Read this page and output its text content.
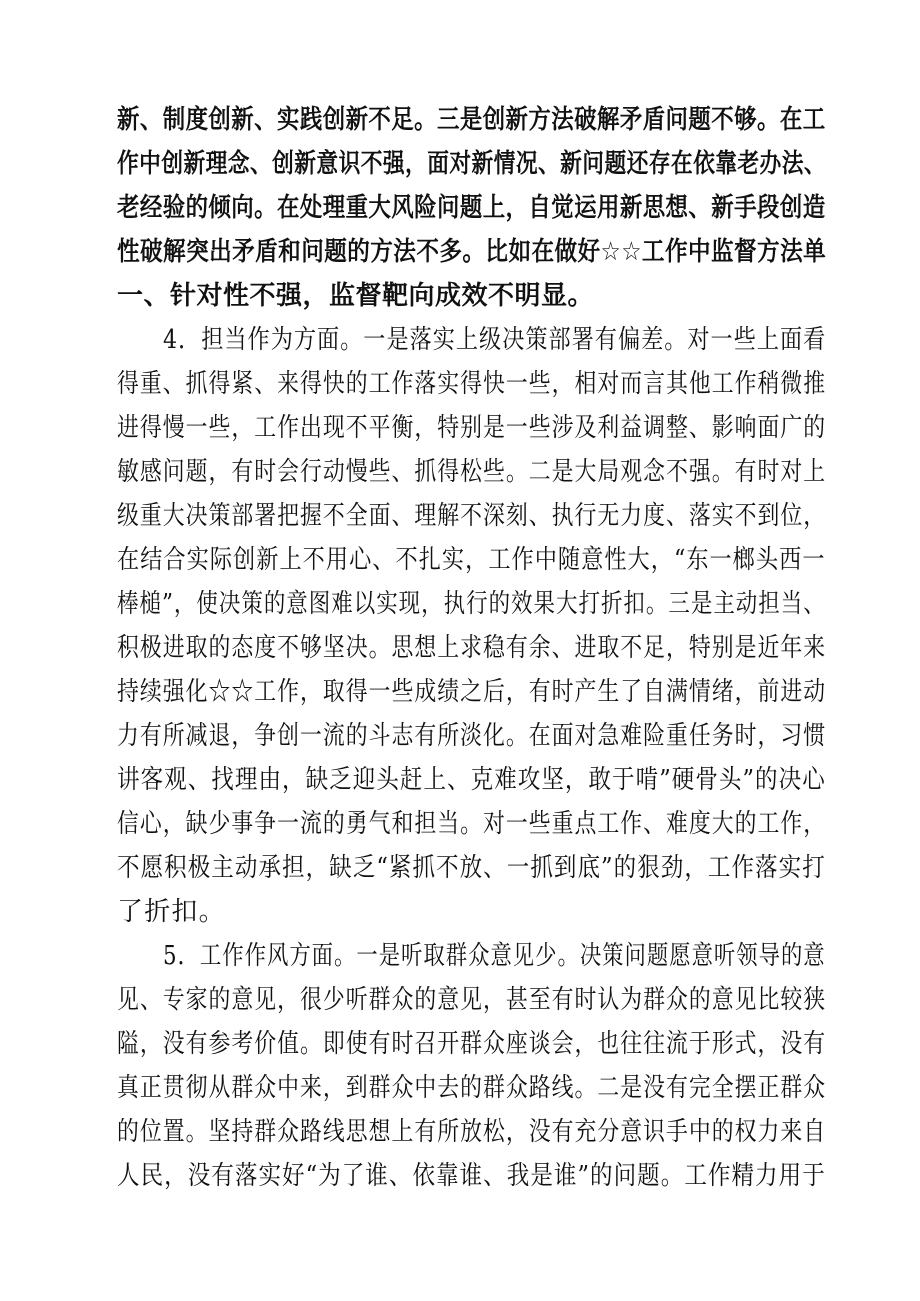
新、制度创新、实践创新不足。三是创新方法破解矛盾问题不够。在工
作中创新理念、创新意识不强，面对新情况、新问题还存在依靠老办法、
老经验的倾向。在处理重大风险问题上，自觉运用新思想、新手段创造
性破解突出矛盾和问题的方法不多。比如在做好☆☆工作中监督方法单
一、针对性不强，监督靶向成效不明显。
4．担当作为方面。一是落实上级决策部署有偏差。对一些上面看
得重、抓得紧、来得快的工作落实得快一些，相对而言其他工作稍微推
进得慢一些，工作出现不平衡，特别是一些涉及利益调整、影响面广的
敏感问题，有时会行动慢些、抓得松些。二是大局观念不强。有时对上
级重大决策部署把握不全面、理解不深刻、执行无力度、落实不到位，
在结合实际创新上不用心、不扎实，工作中随意性大，“东一榔头西一
棒槌”，使决策的意图难以实现，执行的效果大打折扣。三是主动担当、
积极进取的态度不够坚决。思想上求稳有余、进取不足，特别是近年来
持续强化☆☆工作，取得一些成绩之后，有时产生了自满情绪，前进动
力有所减退，争创一流的斗志有所淡化。在面对急难险重任务时，习惯
讲客观、找理由，缺乏迎头赶上、克难攻坚，敢于啃”硬骨头”的决心
信心，缺少事争一流的勇气和担当。对一些重点工作、难度大的工作，
不愿积极主动承担，缺乏“紧抓不放、一抓到底”的狠劲，工作落实打
了折扣。
5．工作作风方面。一是听取群众意见少。决策问题愿意听领导的意
见、专家的意见，很少听群众的意见，甚至有时认为群众的意见比较狭
隘，没有参考价值。即使有时召开群众座谈会，也往往流于形式，没有
真正贯彻从群众中来，到群众中去的群众路线。二是没有完全摆正群众
的位置。坚持群众路线思想上有所放松，没有充分意识手中的权力来自
人民，没有落实好“为了谁、依靠谁、我是谁”的问题。工作精力用于
